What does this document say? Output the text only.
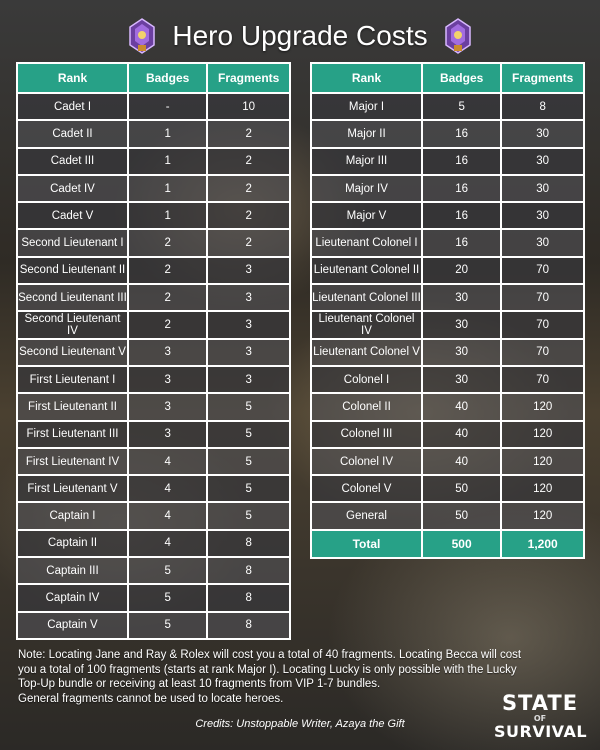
Hero Upgrade Costs
Rank	Badges	Fragments
Cadet I	-	10
Cadet II	1	2
Cadet III	1	2
Cadet IV	1	2
Cadet V	1	2
Second Lieutenant I	2	2
Second Lieutenant II	2	3
Second Lieutenant III	2	3
Second Lieutenant IV	2	3
Second Lieutenant V	3	3
First Lieutenant I	3	3
First Lieutenant II	3	5
First Lieutenant III	3	5
First Lieutenant IV	4	5
First Lieutenant V	4	5
Captain I	4	5
Captain II	4	8
Captain III	5	8
Captain IV	5	8
Captain V	5	8
Rank	Badges	Fragments
Major I	5	8
Major II	16	30
Major III	16	30
Major IV	16	30
Major V	16	30
Lieutenant Colonel I	16	30
Lieutenant Colonel II	20	70
Lieutenant Colonel III	30	70
Lieutenant Colonel IV	30	70
Lieutenant Colonel V	30	70
Colonel I	30	70
Colonel II	40	120
Colonel III	40	120
Colonel IV	40	120
Colonel V	50	120
General	50	120
Total	500	1,200
Note: Locating Jane and Ray & Rolex will cost you a total of 40 fragments. Locating Becca will cost
you a total of 100 fragments (starts at rank Major I). Locating Lucky is only possible with the Lucky
Top-Up bundle or receiving at least 10 fragments from VIP 1-7 bundles.
General fragments cannot be used to locate heroes.
Credits: Unstoppable Writer, Azaya the Gift
STATE
OF
SURVIVAL
